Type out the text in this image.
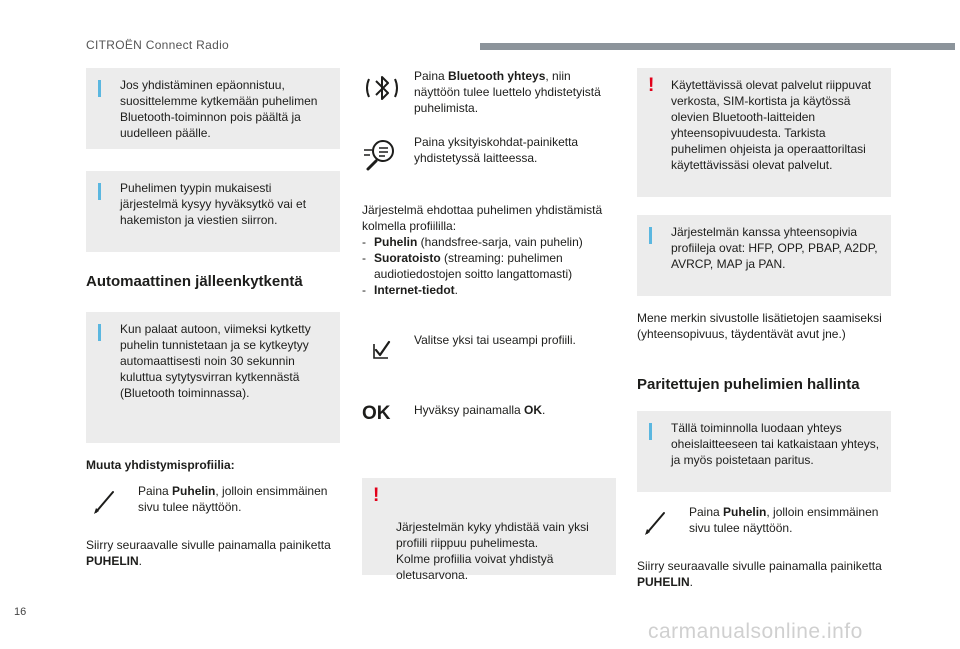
CITROËN Connect Radio
Jos yhdistäminen epäonnistuu, suosittelemme kytkemään puhelimen Bluetooth-toiminnon pois päältä ja uudelleen päälle.
Puhelimen tyypin mukaisesti järjestelmä kysyy hyväksytkö vai et hakemiston ja viestien siirron.
Automaattinen jälleenkytkentä
Kun palaat autoon, viimeksi kytketty puhelin tunnistetaan ja se kytkeytyy automaattisesti noin 30 sekunnin kuluttua sytytysvirran kytkennästä (Bluetooth toiminnassa).
Muuta yhdistymisprofiilia:
Paina Puhelin, jolloin ensimmäinen sivu tulee näyttöön.
Siirry seuraavalle sivulle painamalla painiketta PUHELIN.
Paina Bluetooth yhteys, niin näyttöön tulee luettelo yhdistetyistä puhelimista.
Paina yksityiskohdat-painiketta yhdistetyssä laitteessa.
Järjestelmä ehdottaa puhelimen yhdistämistä kolmella profiililla:
- Puhelin (handsfree-sarja, vain puhelin)
- Suoratoisto (streaming: puhelimen audiotiedostojen soitto langattomasti)
- Internet-tiedot.
Valitse yksi tai useampi profiili.
OK	Hyväksy painamalla OK.

!

Järjestelmän kyky yhdistää vain yksi profiili riippuu puhelimesta.
Kolme profiilia voivat yhdistyä oletusarvona.

! Käytettävissä olevat palvelut riippuvat verkosta, SIM-kortista ja käytössä olevien Bluetooth-laitteiden yhteensopivuudesta. Tarkista puhelimen ohjeista ja operaattoriltasi käytettävissäsi olevat palvelut.
Järjestelmän kanssa yhteensopivia profiileja ovat: HFP, OPP, PBAP, A2DP, AVRCP, MAP ja PAN.
Mene merkin sivustolle lisätietojen saamiseksi (yhteensopivuus, täydentävät avut jne.)
Paritettujen puhelimien hallinta
Tällä toiminnolla luodaan yhteys oheislaitteeseen tai katkaistaan yhteys, ja myös poistetaan paritus.
Paina Puhelin, jolloin ensimmäinen sivu tulee näyttöön.
Siirry seuraavalle sivulle painamalla painiketta PUHELIN.
16
carmanualsonline.info
